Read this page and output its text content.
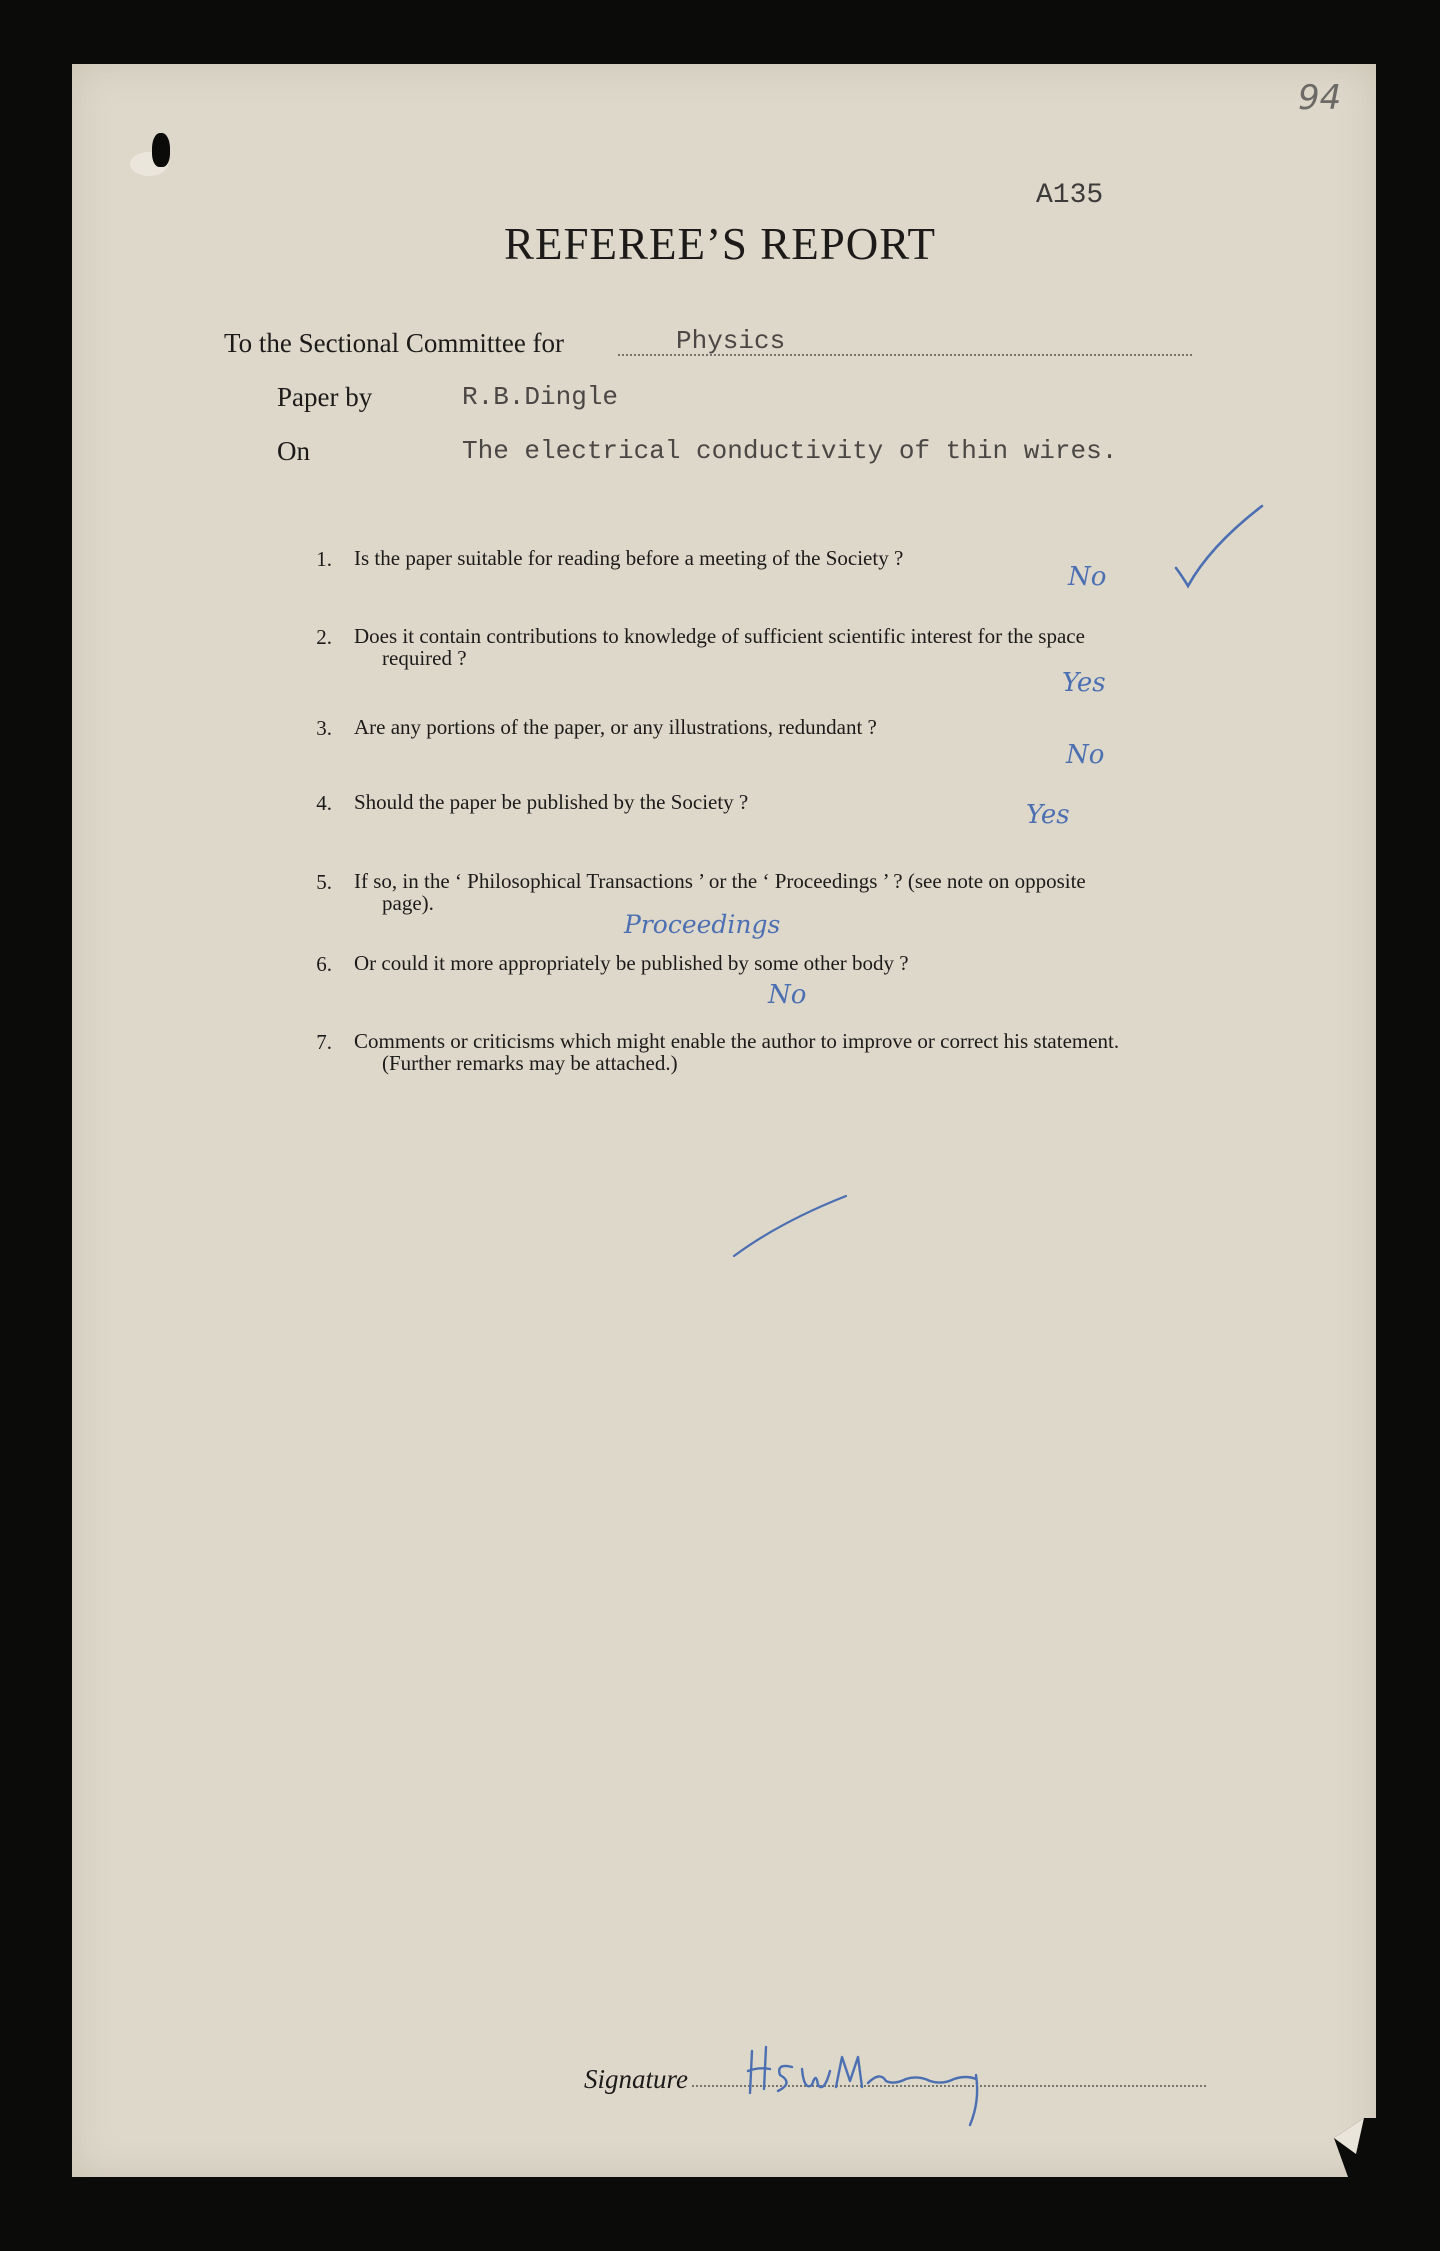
94
A135
REFEREE’S REPORT
To the Sectional Committee for	Physics
Paper by	R.B.Dingle
On	The electrical conductivity of thin wires.
1. Is the paper suitable for reading before a meeting of the Society ?
No
2. Does it contain contributions to knowledge of sufficient scientific interest for the space
required ?
Yes
3. Are any portions of the paper, or any illustrations, redundant ?
No
4. Should the paper be published by the Society ?	Yes
5. If so, in the ‘ Philosophical Transactions ’ or the ‘ Proceedings ’ ? (see note on opposite
page).
Proceedings
6. Or could it more appropriately be published by some other body ?
No
7. Comments or criticisms which might enable the author to improve or correct his statement.
(Further remarks may be attached.)
Signature
